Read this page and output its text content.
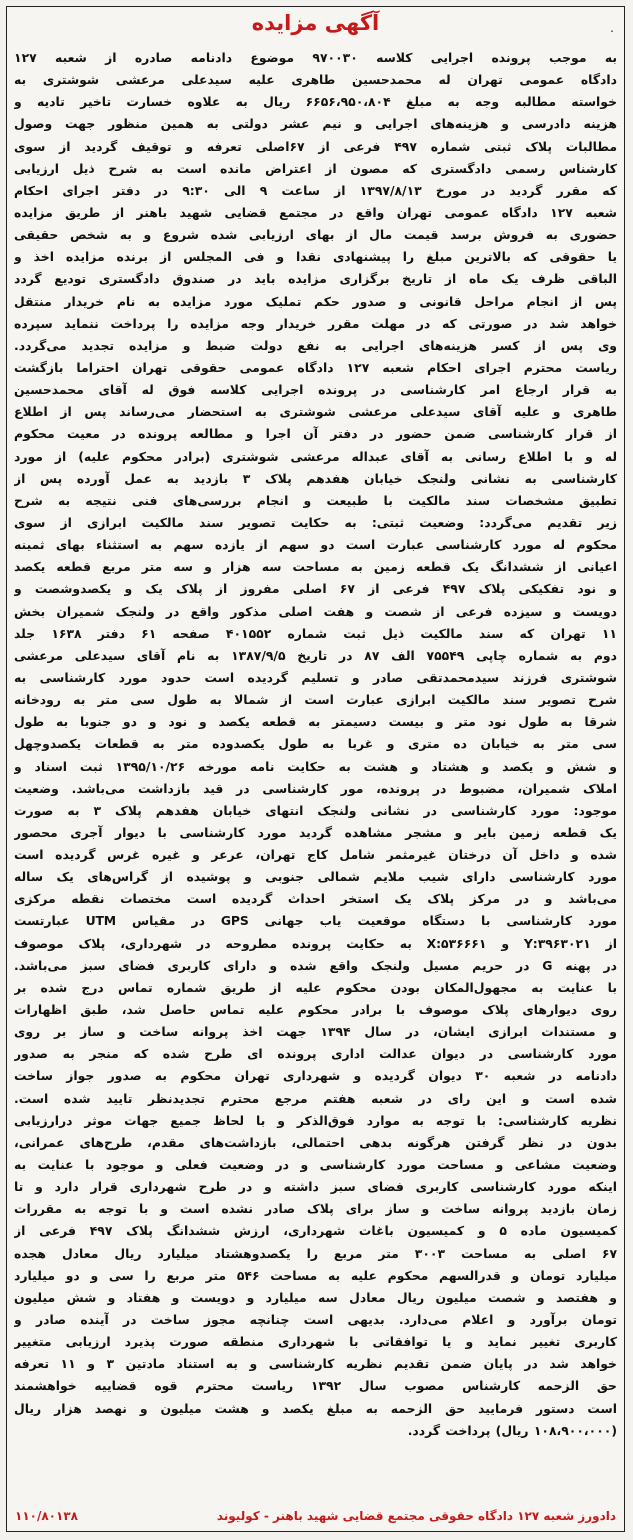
.
آگهی مزایده
به موجب پرونده اجرایی کلاسه ۹۷۰۰۳۰ موضوع دادنامه صادره از شعبه ۱۲۷
دادگاه عمومی تهران له محمدحسین طاهری علیه سیدعلی مرعشی شوشتری به
خواسته مطالبه وجه به مبلغ ۶۶۵۶،۹۵۰،۸۰۴ ریال به علاوه خسارت تاخیر تادیه و
هزینه دادرسی و هزینه‌های اجرایی و نیم عشر دولتی به همین منظور جهت وصول
مطالبات پلاک ثبتی شماره ۴۹۷ فرعی از ۶۷اصلی تعرفه و توقیف گردید از سوی
کارشناس رسمی دادگستری که مصون از اعتراض مانده است به شرح ذیل ارزیابی
که مقرر گردید در مورخ ۱۳۹۷/۸/۱۳ از ساعت ۹ الی ۹:۳۰ در دفتر اجرای احکام
شعبه ۱۲۷ دادگاه عمومی تهران واقع در مجتمع قضایی شهید باهنر از طریق مزایده
حضوری به فروش برسد قیمت مال از بهای ارزیابی شده شروع و به شخص حقیقی
یا حقوقی که بالاترین مبلغ را پیشنهادی نقدا و فی المجلس از برنده مزایده اخذ و
الباقی ظرف یک ماه از تاریخ برگزاری مزایده باید در صندوق دادگستری تودیع گردد
پس از انجام مراحل قانونی و صدور حکم تملیک مورد مزایده به نام خریدار منتقل
خواهد شد در صورتی که در مهلت مقرر خریدار وجه مزایده را پرداخت ننماید سپرده
وی پس از کسر هزینه‌های اجرایی به نفع دولت ضبط و مزایده تجدید می‌گردد.
ریاست محترم اجرای احکام شعبه ۱۲۷ دادگاه عمومی حقوقی تهران احتراما بازگشت
به قرار ارجاع امر کارشناسی در پرونده اجرایی کلاسه فوق له آقای محمدحسین
طاهری و علیه آقای سیدعلی مرعشی شوشتری به استحضار می‌رساند پس از اطلاع
از قرار کارشناسی ضمن حضور در دفتر آن اجرا و مطالعه پرونده در معیت محکوم
له و با اطلاع رسانی به آقای عبداله مرعشی شوشتری (برادر محکوم علیه) از مورد
کارشناسی به نشانی ولنجک خیابان هفدهم پلاک ۳ بازدید به عمل آورده پس از
تطبیق مشخصات سند مالکیت با طبیعت و انجام بررسی‌های فنی نتیجه به شرح
زیر تقدیم می‌گردد: وضعیت ثبتی: به حکایت تصویر سند مالکیت ابرازی از سوی
محکوم له مورد کارشناسی عبارت است دو سهم از یازده سهم به استثناء بهای ثمینه
اعیانی از ششدانگ یک قطعه زمین به مساحت سه هزار و سه متر مربع قطعه یکصد
و نود تفکیکی پلاک ۴۹۷ فرعی از ۶۷ اصلی مفروز از پلاک یک و یکصدوشصت و
دویست و سیزده فرعی از شصت و هفت اصلی مذکور واقع در ولنجک شمیران بخش
۱۱ تهران که سند مالکیت ذیل ثبت شماره ۴۰۱۵۵۲ صفحه ۶۱ دفتر ۱۶۳۸ جلد
دوم به شماره چاپی ۷۵۵۴۹ الف ۸۷ در تاریخ ۱۳۸۷/۹/۵ به نام آقای سیدعلی مرعشی
شوشتری فرزند سیدمحمدتقی صادر و تسلیم گردیده است حدود مورد کارشناسی به
شرح تصویر سند مالکیت ابرازی عبارت است از شمالا به طول سی متر به رودخانه
شرقا به طول نود متر و بیست دسیمتر به قطعه یکصد و نود و دو جنوبا به طول
سی متر به خیابان ده متری و غربا به طول یکصدوده متر به قطعات یکصدوچهل
و شش و یکصد و هشتاد و هشت به حکایت نامه مورخه ۱۳۹۵/۱۰/۲۶ ثبت اسناد و
املاک شمیران، مضبوط در پرونده، مور کارشناسی در قید بازداشت می‌باشد. وضعیت
موجود: مورد کارشناسی در نشانی ولنجک انتهای خیابان هفدهم پلاک ۳ به صورت
یک قطعه زمین بایر و مشجر مشاهده گردید مورد کارشناسی با دیوار آجری محصور
شده و داخل آن درختان غیرمثمر شامل کاج تهران، عرعر و غیره غرس گردیده است
مورد کارشناسی دارای شیب ملایم شمالی جنوبی و پوشیده از گراس‌های یک ساله
می‌باشد و در مرکز پلاک یک استخر احداث گردیده است مختصات نقطه مرکزی
مورد کارشناسی با دستگاه موقعیت یاب جهانی GPS در مقیاس UTM عبارتست
از ۳۹۶۳۰۲۱:Y و ۵۳۶۶۶۱:X به حکایت پرونده مطروحه در شهرداری، پلاک موصوف
در پهنه G در حریم مسیل ولنجک واقع شده و دارای کاربری فضای سبز می‌باشد.
با عنایت به مجهول‌المکان بودن محکوم علیه از طریق شماره تماس درج شده بر
روی دیوارهای پلاک موصوف با برادر محکوم علیه تماس حاصل شد، طبق اظهارات
و مستندات ابرازی ایشان، در سال ۱۳۹۴ جهت اخذ پروانه ساخت و ساز بر روی
مورد کارشناسی در دیوان عدالت اداری پرونده ای طرح شده که منجر به صدور
دادنامه در شعبه ۳۰ دیوان گردیده و شهرداری تهران محکوم به صدور جواز ساخت
شده است و این رای در شعبه هفتم مرجع محترم تجدیدنظر تایید شده است.
نظریه کارشناسی: با توجه به موارد فوق‌الذکر و با لحاظ جمیع جهات موثر درارزیابی
بدون در نظر گرفتن هرگونه بدهی احتمالی، بازداشت‌های مقدم، طرح‌های عمرانی،
وضعیت مشاعی و مساحت مورد کارشناسی و در وضعیت فعلی و موجود با عنایت به
اینکه مورد کارشناسی کاربری فضای سبز داشته و در طرح شهرداری قرار دارد و تا
زمان بازدید پروانه ساخت و ساز برای پلاک صادر نشده است و با توجه به مقررات
کمیسیون ماده ۵ و کمیسیون باغات شهرداری، ارزش ششدانگ پلاک ۴۹۷ فرعی از
۶۷ اصلی به مساحت ۳۰۰۳ متر مربع را یکصدوهشتاد میلیارد ریال معادل هجده
میلیارد تومان و قدرالسهم محکوم علیه به مساحت ۵۴۶ متر مربع را سی و دو میلیارد
و هفتصد و شصت میلیون ریال معادل سه میلیارد و دویست و هفتاد و شش میلیون
تومان برآورد و اعلام می‌دارد. بدیهی است چنانچه مجوز ساخت در آینده صادر و
کاربری تغییر نماید و یا توافقاتی با شهرداری منطقه صورت پذیرد ارزیابی متغییر
خواهد شد در پایان ضمن تقدیم نظریه کارشناسی و به استناد مادتین ۳ و ۱۱ تعرفه
حق الزحمه کارشناس مصوب سال ۱۳۹۲ ریاست محترم قوه قضاییه خواهشمند
است دستور فرمایید حق الزحمه به مبلغ یکصد و هشت میلیون و نهصد هزار ریال
(۱۰۸،۹۰۰،۰۰۰ ریال) پرداخت گردد.
دادورز شعبه ۱۲۷ دادگاه حقوقی مجتمع قضایی شهید باهنر - کولیوند
۱۱۰/۸۰۱۳۸
